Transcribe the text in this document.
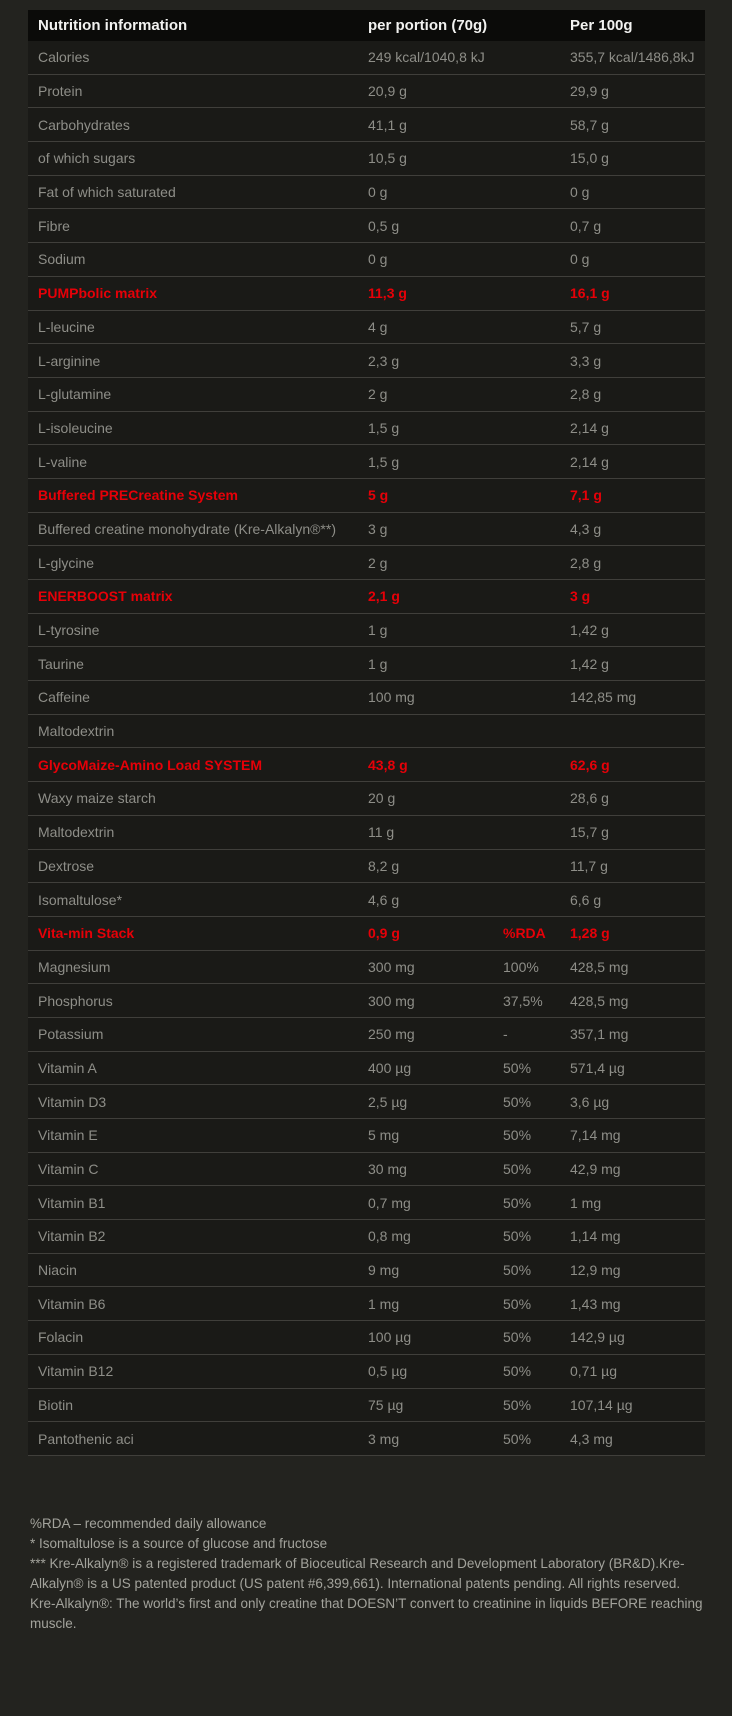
Nutrition information	per portion (70g)	Per 100g
Calories	249 kcal/1040,8 kJ	355,7 kcal/1486,8kJ
Protein	20,9 g	29,9 g
Carbohydrates	41,1 g	58,7 g
of which sugars	10,5 g	15,0 g
Fat of which saturated	0 g	0 g
Fibre	0,5 g	0,7 g
Sodium	0 g	0 g
PUMPbolic matrix	11,3 g	16,1 g
L-leucine	4 g	5,7 g
L-arginine	2,3 g	3,3 g
L-glutamine	2 g	2,8 g
L-isoleucine	1,5 g	2,14 g
L-valine	1,5 g	2,14 g
Buffered PRECreatine System	5 g	7,1 g
Buffered creatine monohydrate (Kre-Alkalyn®**)	3 g	4,3 g
L-glycine	2 g	2,8 g
ENERBOOST matrix	2,1 g	3 g
L-tyrosine	1 g	1,42 g
Taurine	1 g	1,42 g
Caffeine	100 mg	142,85 mg
Maltodextrin
GlycoMaize-Amino Load SYSTEM	43,8 g	62,6 g
Waxy maize starch	20 g	28,6 g
Maltodextrin	11 g	15,7 g
Dextrose	8,2 g	11,7 g
Isomaltulose*	4,6 g	6,6 g
Vita-min Stack	0,9 g	%RDA	1,28 g
Magnesium	300 mg	100%	428,5 mg
Phosphorus	300 mg	37,5%	428,5 mg
Potassium	250 mg	-	357,1 mg
Vitamin A	400 µg	50%	571,4 µg
Vitamin D3	2,5 µg	50%	3,6 µg
Vitamin E	5 mg	50%	7,14 mg
Vitamin C	30 mg	50%	42,9 mg
Vitamin B1	0,7 mg	50%	1 mg
Vitamin B2	0,8 mg	50%	1,14 mg
Niacin	9 mg	50%	12,9 mg
Vitamin B6	1 mg	50%	1,43 mg
Folacin	100 µg	50%	142,9 µg
Vitamin B12	0,5 µg	50%	0,71 µg
Biotin	75 µg	50%	107,14 µg
Pantothenic aci	3 mg	50%	4,3 mg

%RDA – recommended daily allowance

* Isomaltulose is a source of glucose and fructose

*** Kre-Alkalyn® is a registered trademark of Bioceutical Research and Development Laboratory (BR&D).Kre-Alkalyn® is a US patented product (US patent #6,399,661). International patents pending. All rights reserved.

Kre-Alkalyn®: The world’s first and only creatine that DOESN’T convert to creatinine in liquids BEFORE reaching muscle.
